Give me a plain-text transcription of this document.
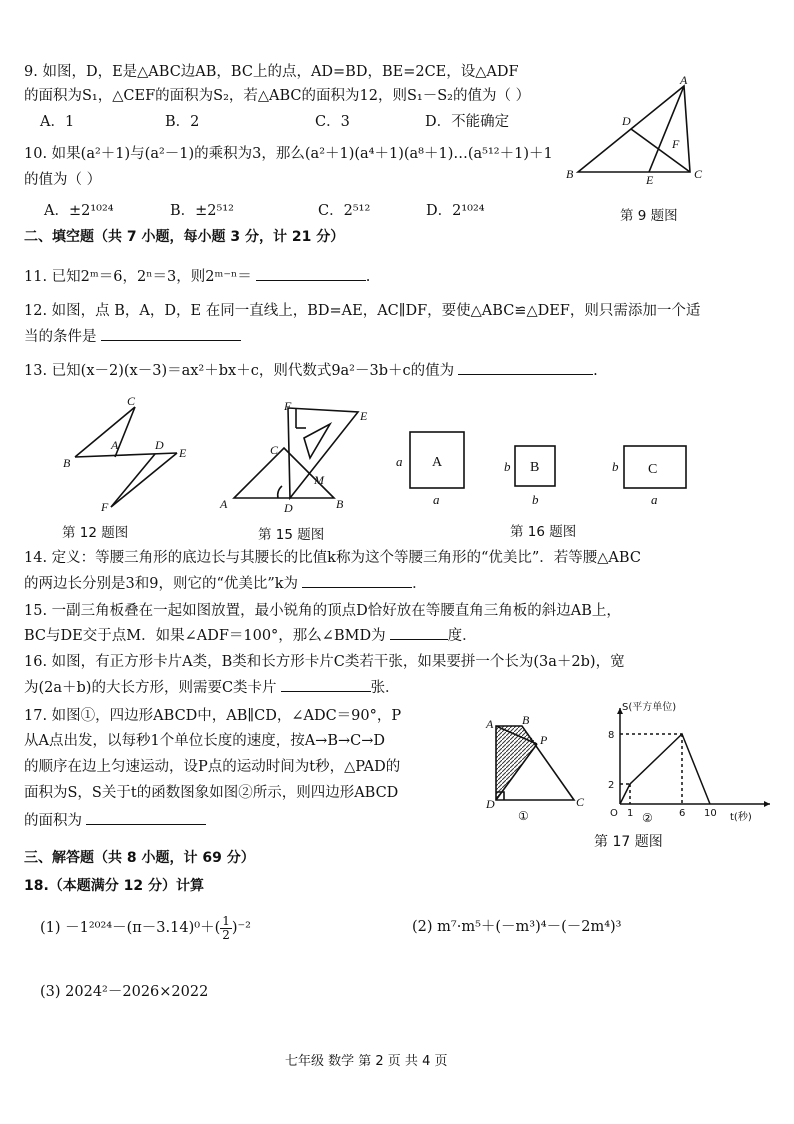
9. 如图，D，E是△ABC边AB，BC上的点，AD=BD，BE=2CE，设△ADF
的面积为S₁，△CEF的面积为S₂，若△ABC的面积为12，则S₁－S₂的值为（ ）
A．1	B．2	C．3	D．不能确定
A
D
F
B	E	C
第 9 题图
10. 如果(a²＋1)与(a²－1)的乘积为3，那么(a²＋1)(a⁴＋1)(a⁸＋1)…(a⁵¹²＋1)＋1
的值为（ ）
A．±2¹⁰²⁴	B．±2⁵¹²	C．2⁵¹²	D．2¹⁰²⁴
二、填空题（共 7 小题，每小题 3 分，计 21 分）
11. 已知2ᵐ＝6，2ⁿ＝3，则2ᵐ⁻ⁿ＝	.
12. 如图，点 B，A，D，E 在同一直线上，BD=AE，AC∥DF，要使△ABC≌△DEF，则只需添加一个适
当的条件是
13. 已知(x－2)(x－3)＝ax²＋bx＋c，则代数式9a²－3b＋c的值为	.
C
B
A	D
E
F
第 12 题图
F
E
C
A	D
M
B
第 15 题图
A	B	C
a
a
b
b
b
a
第 16 题图
14. 定义：等腰三角形的底边长与其腰长的比值k称为这个等腰三角形的“优美比”．若等腰△ABC
的两边长分别是3和9，则它的“优美比”k为	．
15. 一副三角板叠在一起如图放置，最小锐角的顶点D恰好放在等腰直角三角板的斜边AB上，
BC与DE交于点M．如果∠ADF＝100°，那么∠BMD为	度．
16. 如图，有正方形卡片A类，B类和长方形卡片C类若干张，如果要拼一个长为(3a＋2b)，宽
为(2a＋b)的大长方形，则需要C类卡片	张．
17. 如图①，四边形ABCD中，AB∥CD，∠ADC＝90°，P
从A点出发，以每秒1个单位长度的速度，按A→B→C→D
的顺序在边上匀速运动，设P点的运动时间为t秒，△PAD的
面积为S，S关于t的函数图象如图②所示，则四边形ABCD
的面积为
A B
P
D	C
①
S(平方单位)
t(秒)
8
2
O 1	6 10
②
第 17 题图
三、解答题（共 8 小题，计 69 分）
18.（本题满分 12 分）计算
$(1) -1^{2024}-(\pi-3.14)^0+( \frac{1}{2} )^{-2}$	(2) m⁷·m⁵＋(－m³)⁴－(－2m⁴)³
(3) 2024²－2026×2022
七年级 数学 第 2 页 共 4 页
